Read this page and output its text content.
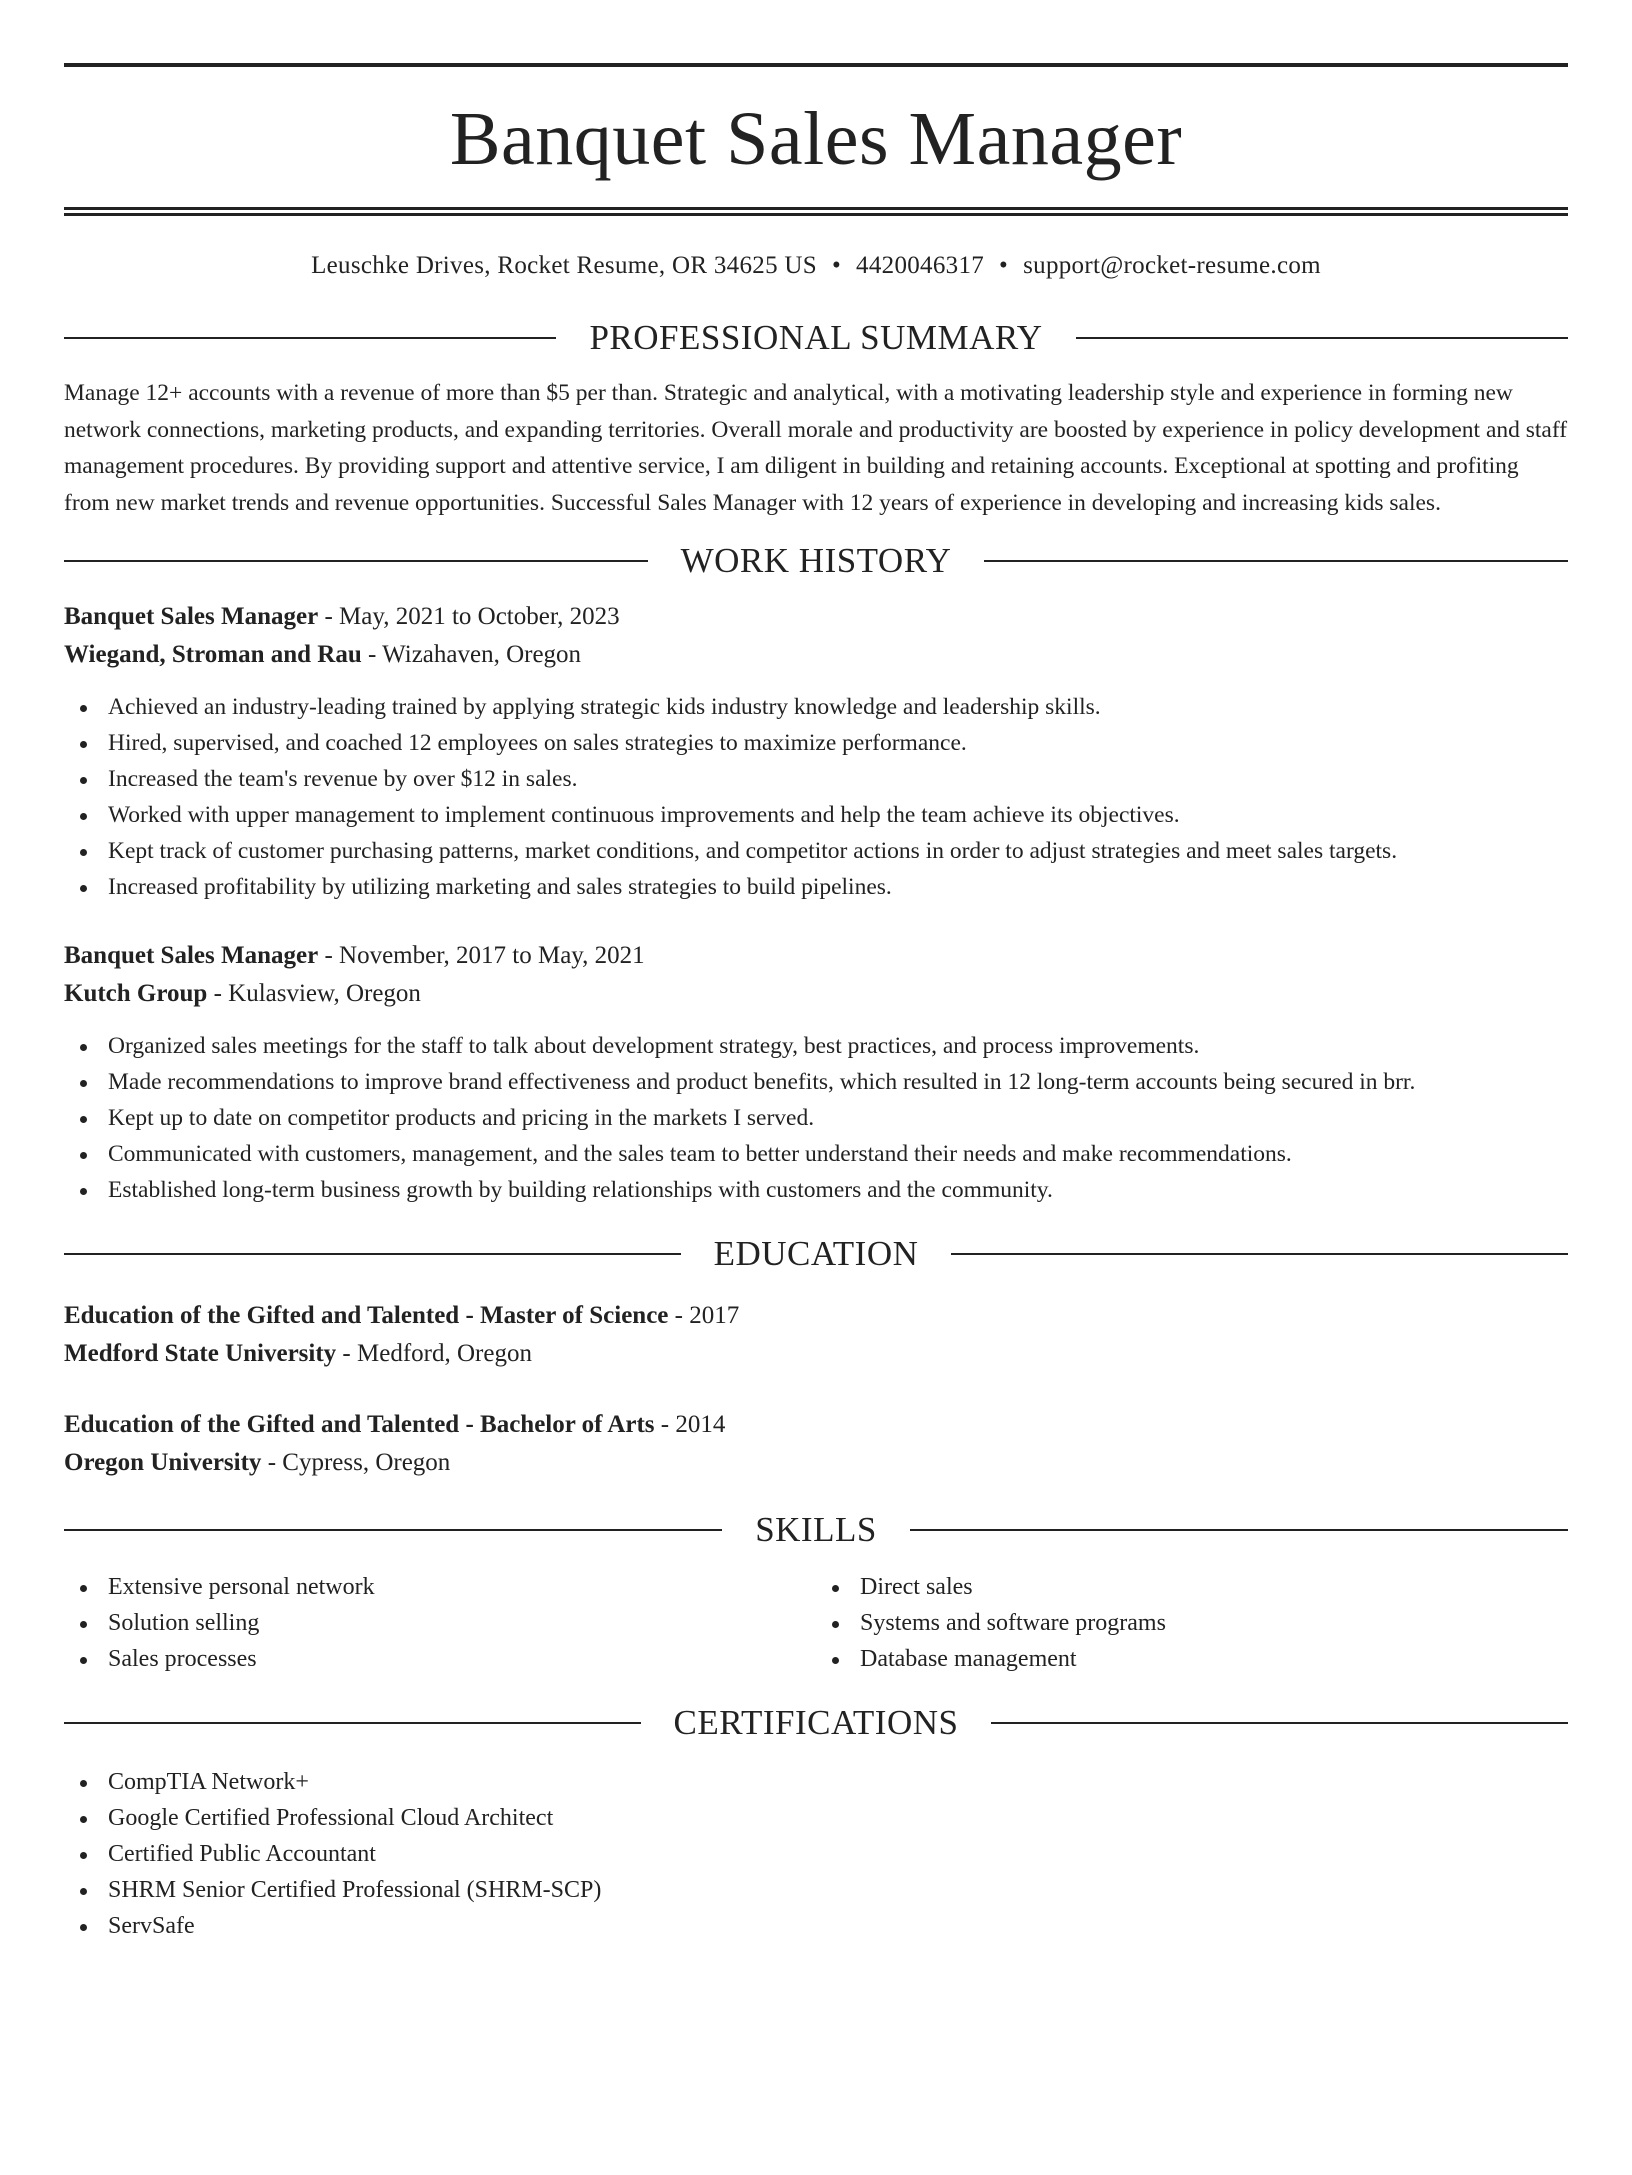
Banquet Sales Manager
Leuschke Drives, Rocket Resume, OR 34625 US • 4420046317 • support@rocket-resume.com
PROFESSIONAL SUMMARY
Manage 12+ accounts with a revenue of more than $5 per than. Strategic and analytical, with a motivating leadership style and experience in forming new network connections, marketing products, and expanding territories. Overall morale and productivity are boosted by experience in policy development and staff management procedures. By providing support and attentive service, I am diligent in building and retaining accounts. Exceptional at spotting and profiting from new market trends and revenue opportunities. Successful Sales Manager with 12 years of experience in developing and increasing kids sales.
WORK HISTORY
Banquet Sales Manager - May, 2021 to October, 2023
Wiegand, Stroman and Rau - Wizahaven, Oregon
Achieved an industry-leading trained by applying strategic kids industry knowledge and leadership skills.
Hired, supervised, and coached 12 employees on sales strategies to maximize performance.
Increased the team's revenue by over $12 in sales.
Worked with upper management to implement continuous improvements and help the team achieve its objectives.
Kept track of customer purchasing patterns, market conditions, and competitor actions in order to adjust strategies and meet sales targets.
Increased profitability by utilizing marketing and sales strategies to build pipelines.
Banquet Sales Manager - November, 2017 to May, 2021
Kutch Group - Kulasview, Oregon
Organized sales meetings for the staff to talk about development strategy, best practices, and process improvements.
Made recommendations to improve brand effectiveness and product benefits, which resulted in 12 long-term accounts being secured in brr.
Kept up to date on competitor products and pricing in the markets I served.
Communicated with customers, management, and the sales team to better understand their needs and make recommendations.
Established long-term business growth by building relationships with customers and the community.
EDUCATION
Education of the Gifted and Talented - Master of Science - 2017
Medford State University - Medford, Oregon
Education of the Gifted and Talented - Bachelor of Arts - 2014
Oregon University - Cypress, Oregon
SKILLS
Extensive personal network
Solution selling
Sales processes
Direct sales
Systems and software programs
Database management
CERTIFICATIONS
CompTIA Network+
Google Certified Professional Cloud Architect
Certified Public Accountant
SHRM Senior Certified Professional (SHRM-SCP)
ServSafe
